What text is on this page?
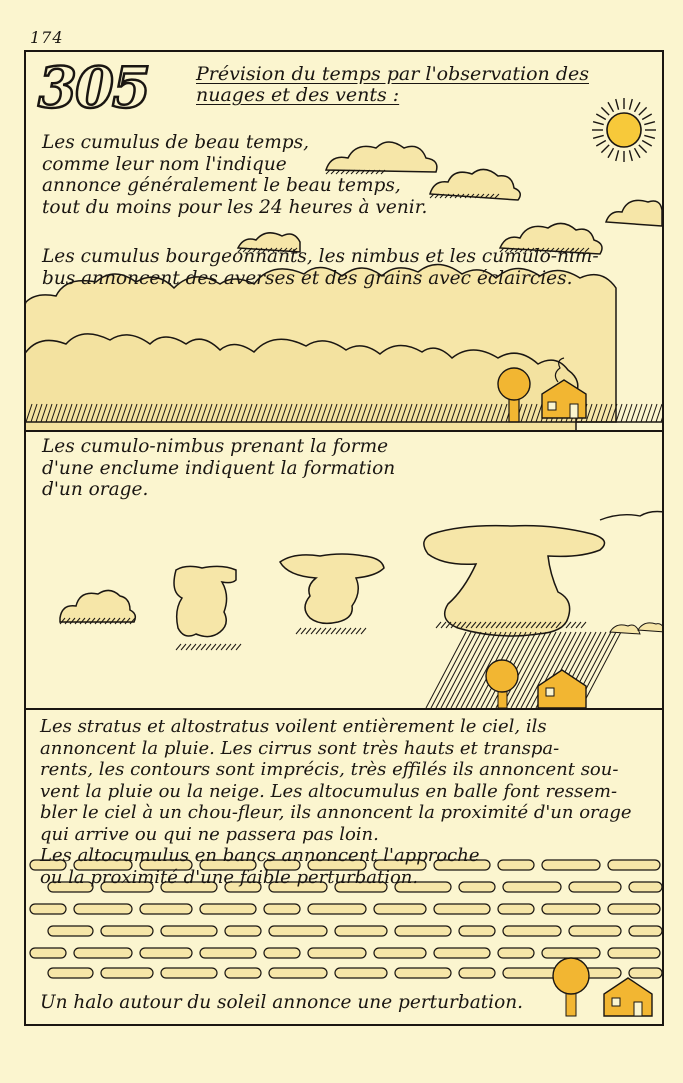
174
305 Prévision du temps par l'observation des
nuages et des vents :

Les cumulus de beau temps,
comme leur nom l'indique
annonce généralement le beau temps,
tout du moins pour les 24 heures à venir.

Les cumulus bourgeonnants, les nimbus et les cumulo-nim-
bus annoncent des averses et des grains avec éclaircies.

Les cumulo-nimbus prenant la forme
d'une enclume indiquent la formation
d'un orage.

Les stratus et altostratus voilent entièrement le ciel, ils
annoncent la pluie. Les cirrus sont très hauts et transpa-
rents, les contours sont imprécis, très effilés ils annoncent sou-
vent la pluie ou la neige. Les altocumulus en balle font ressem-
bler le ciel à un chou-fleur, ils annoncent la proximité d'un orage
qui arrive ou qui ne passera pas loin.
Les altocumulus en bancs annoncent l'approche
ou la proximité d'une faible perturbation.

Un halo autour du soleil annonce une perturbation.
